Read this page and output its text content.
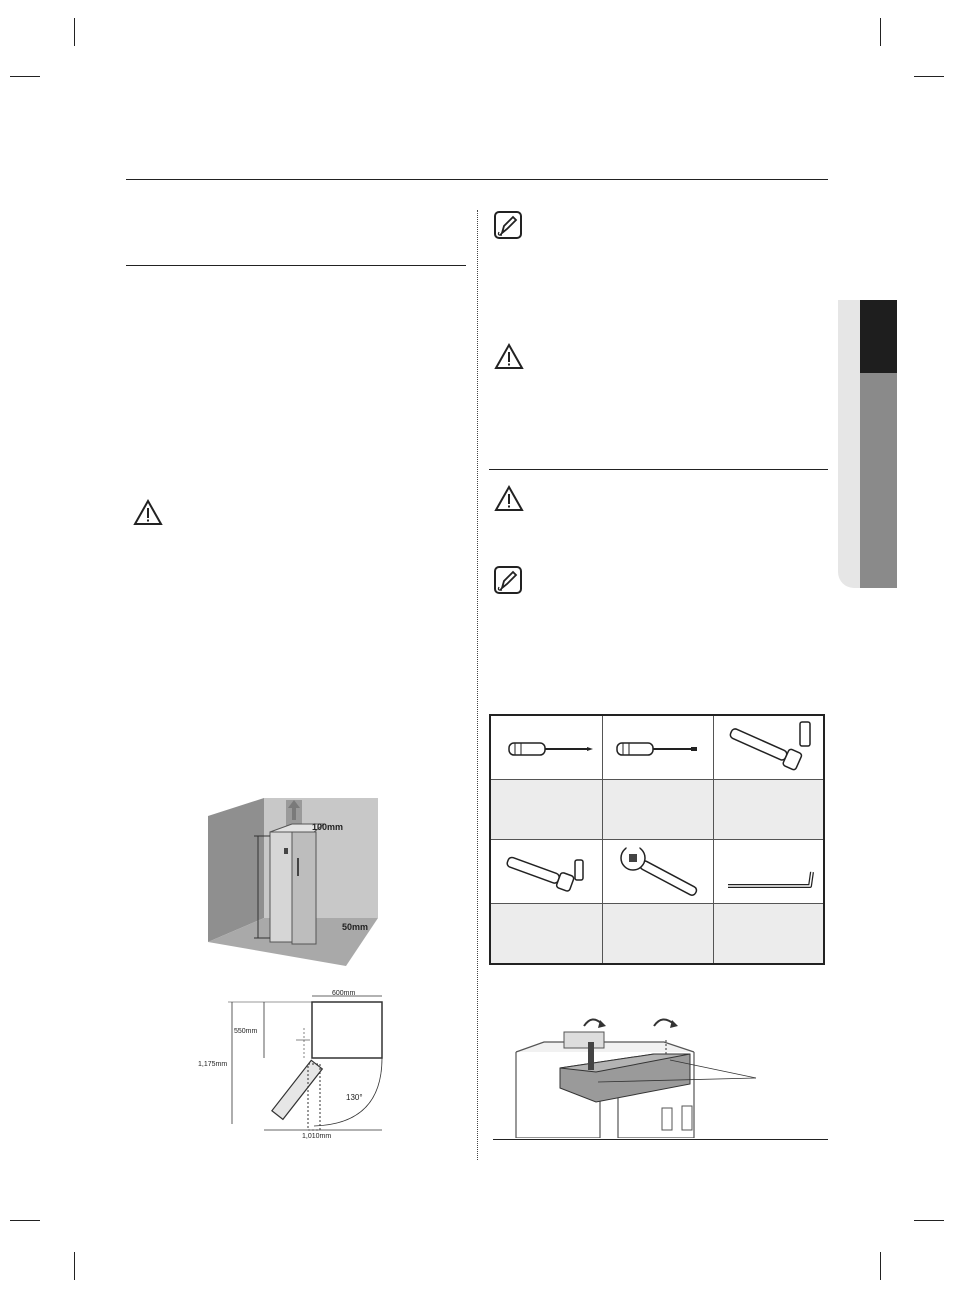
100mm
50mm
600mm
550mm
1,175mm
1,010mm
130°
